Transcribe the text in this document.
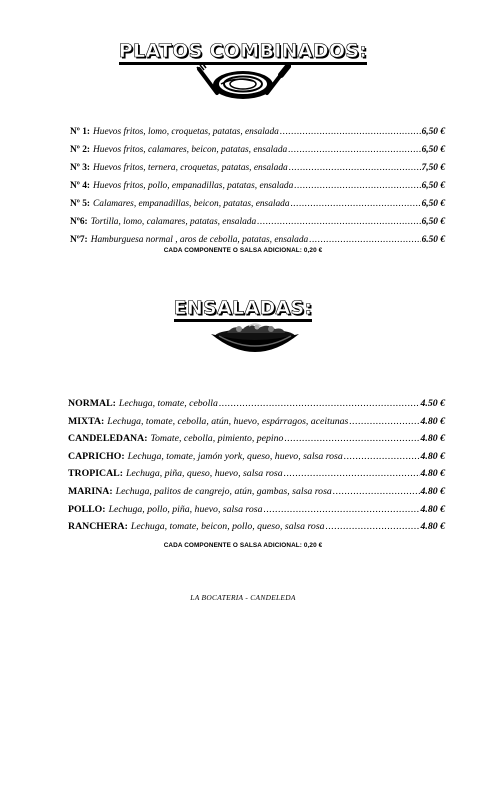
PLATOS COMBINADOS:
Nº 1: Huevos fritos, lomo, croquetas, patatas, ensalada .....	6,50 €
Nº 2: Huevos fritos, calamares, beicon, patatas, ensalada .....	6,50 €
Nº 3: Huevos fritos, ternera, croquetas, patatas, ensalada .....	7,50 €
Nº 4: Huevos fritos, pollo, empanadillas, patatas, ensalada .....	6,50 €
Nº 5: Calamares, empanadillas, beicon, patatas, ensalada .....	6,50 €
Nº6: Tortilla, lomo, calamares, patatas, ensalada .....	6,50 €
Nº7: Hamburguesa normal , aros de cebolla, patatas, ensalada .....	6.50 €
CADA COMPONENTE O SALSA ADICIONAL: 0,20 €
ENSALADAS:
NORMAL: Lechuga, tomate, cebolla .....	4.50 €
MIXTA: Lechuga, tomate, cebolla, atún, huevo, espárragos, aceitunas .....	4.80 €
CANDELEDANA: Tomate, cebolla, pimiento, pepino .....	4.80 €
CAPRICHO: Lechuga, tomate, jamón york, queso, huevo, salsa rosa .....	4.80 €
TROPICAL: Lechuga, piña, queso, huevo, salsa rosa .....	4.80 €
MARINA: Lechuga, palitos de cangrejo, atún, gambas, salsa rosa .....	4.80 €
POLLO: Lechuga, pollo, piña, huevo, salsa rosa .....	4.80 €
RANCHERA: Lechuga, tomate, beicon, pollo, queso, salsa rosa .....	4.80 €
CADA COMPONENTE O SALSA ADICIONAL: 0,20 €
LA BOCATERIA - CANDELEDA
